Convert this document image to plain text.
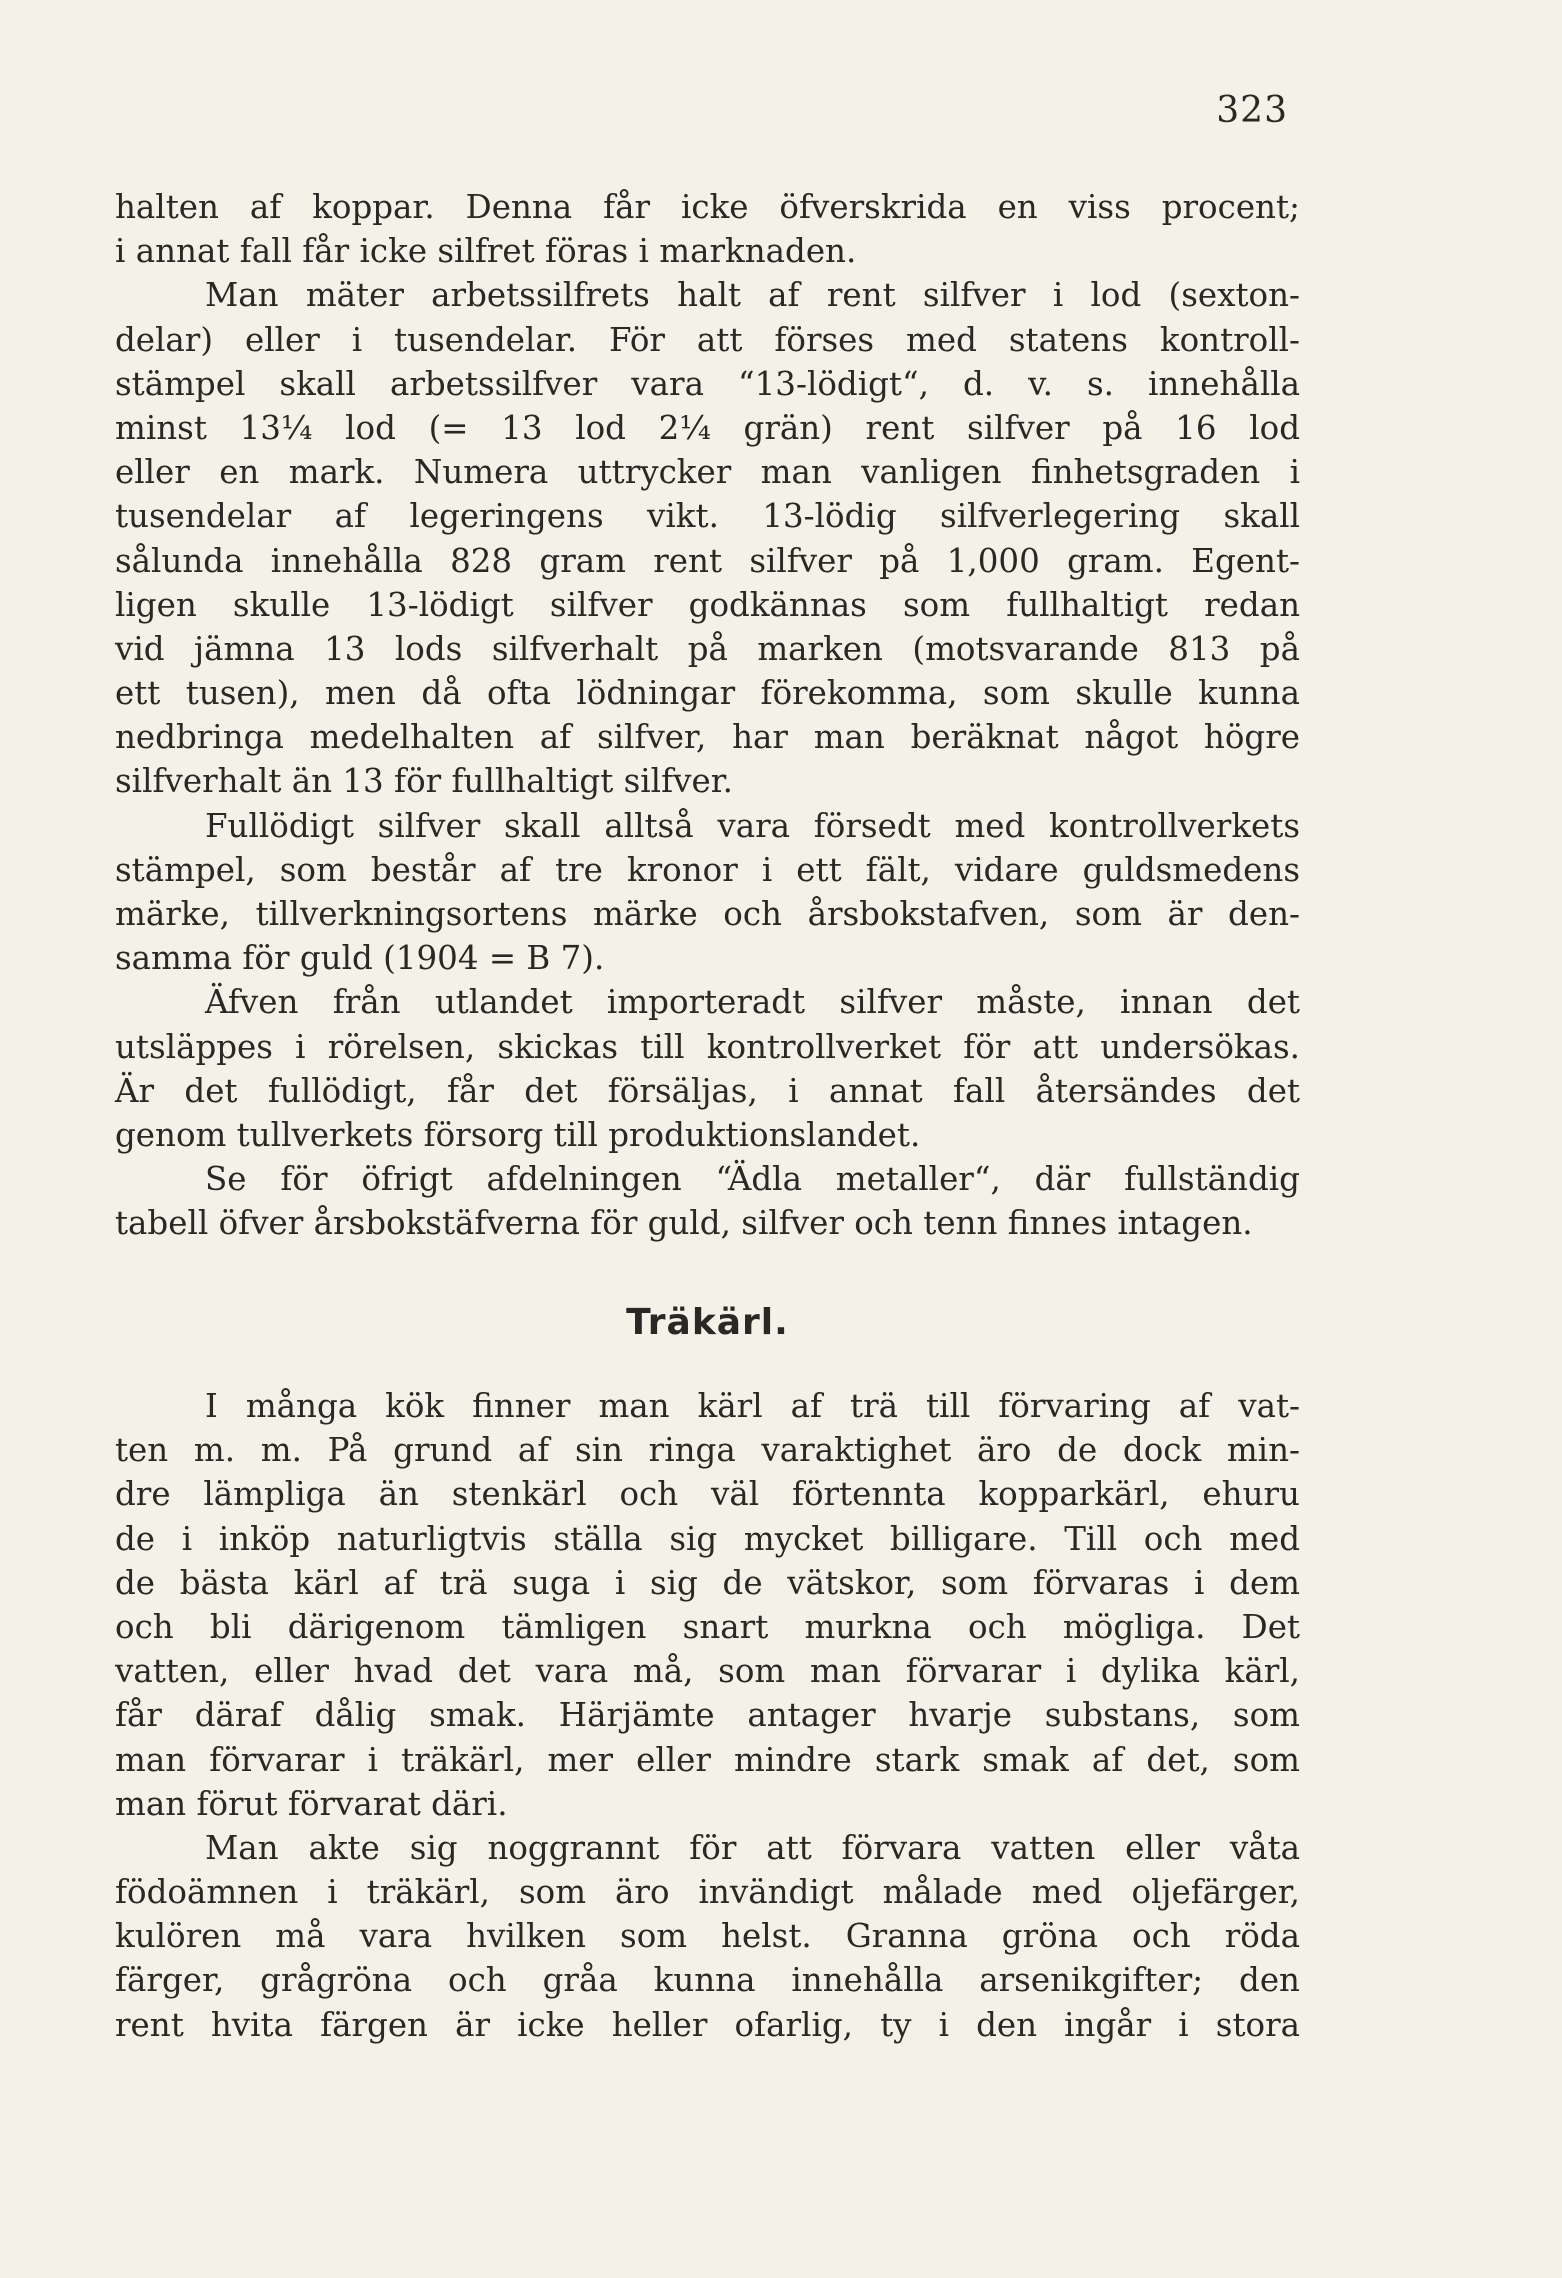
323
halten af koppar. Denna får icke öfverskrida en viss procent;
i annat fall får icke silfret föras i marknaden.
Man mäter arbetssilfrets halt af rent silfver i lod (sexton-
delar) eller i tusendelar. För att förses med statens kontroll-
stämpel skall arbetssilfver vara “13-lödigt“, d. v. s. innehålla
minst 13¼ lod (= 13 lod 2¼ grän) rent silfver på 16 lod
eller en mark. Numera uttrycker man vanligen finhetsgraden i
tusendelar af legeringens vikt. 13-lödig silfverlegering skall
sålunda innehålla 828 gram rent silfver på 1,000 gram. Egent-
ligen skulle 13-lödigt silfver godkännas som fullhaltigt redan
vid jämna 13 lods silfverhalt på marken (motsvarande 813 på
ett tusen), men då ofta lödningar förekomma, som skulle kunna
nedbringa medelhalten af silfver, har man beräknat något högre
silfverhalt än 13 för fullhaltigt silfver.
Fullödigt silfver skall alltså vara försedt med kontrollverkets
stämpel, som består af tre kronor i ett fält, vidare guldsmedens
märke, tillverkningsortens märke och årsbokstafven, som är den-
samma för guld (1904 = B 7).
Äfven från utlandet importeradt silfver måste, innan det
utsläppes i rörelsen, skickas till kontrollverket för att undersökas.
Är det fullödigt, får det försäljas, i annat fall återsändes det
genom tullverkets försorg till produktionslandet.
Se för öfrigt afdelningen “Ädla metaller“, där fullständig
tabell öfver årsbokstäfverna för guld, silfver och tenn finnes intagen.
Träkärl.
I många kök finner man kärl af trä till förvaring af vat-
ten m. m. På grund af sin ringa varaktighet äro de dock min-
dre lämpliga än stenkärl och väl förtennta kopparkärl, ehuru
de i inköp naturligtvis ställa sig mycket billigare. Till och med
de bästa kärl af trä suga i sig de vätskor, som förvaras i dem
och bli därigenom tämligen snart murkna och mögliga. Det
vatten, eller hvad det vara må, som man förvarar i dylika kärl,
får däraf dålig smak. Härjämte antager hvarje substans, som
man förvarar i träkärl, mer eller mindre stark smak af det, som
man förut förvarat däri.
Man akte sig noggrannt för att förvara vatten eller våta
födoämnen i träkärl, som äro invändigt målade med oljefärger,
kulören må vara hvilken som helst. Granna gröna och röda
färger, grågröna och gråa kunna innehålla arsenikgifter; den
rent hvita färgen är icke heller ofarlig, ty i den ingår i stora
